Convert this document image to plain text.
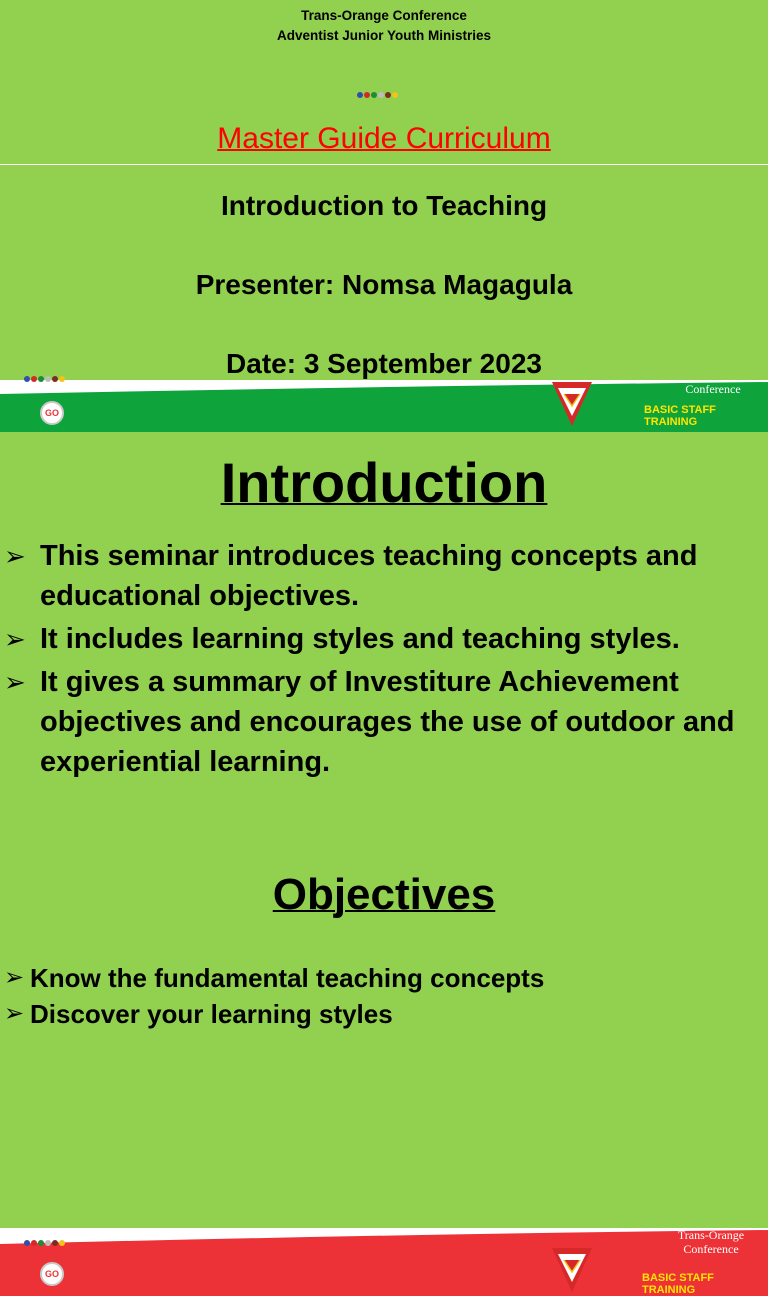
Trans-Orange Conference
Adventist Junior Youth Ministries
Master Guide Curriculum
Introduction to Teaching
Presenter: Nomsa Magagula
Date: 3 September 2023
GO
Conference
BASIC STAFF TRAINING
Introduction
➢ This seminar introduces teaching concepts and educational objectives.
➢ It includes learning styles and teaching styles.
➢ It gives a summary of Investiture Achievement objectives and encourages the use of outdoor and experiential learning.
GO
Trans-Orange
Conference
BASIC STAFF TRAINING
Objectives
➢ Know the fundamental teaching concepts
➢ Discover your learning styles
